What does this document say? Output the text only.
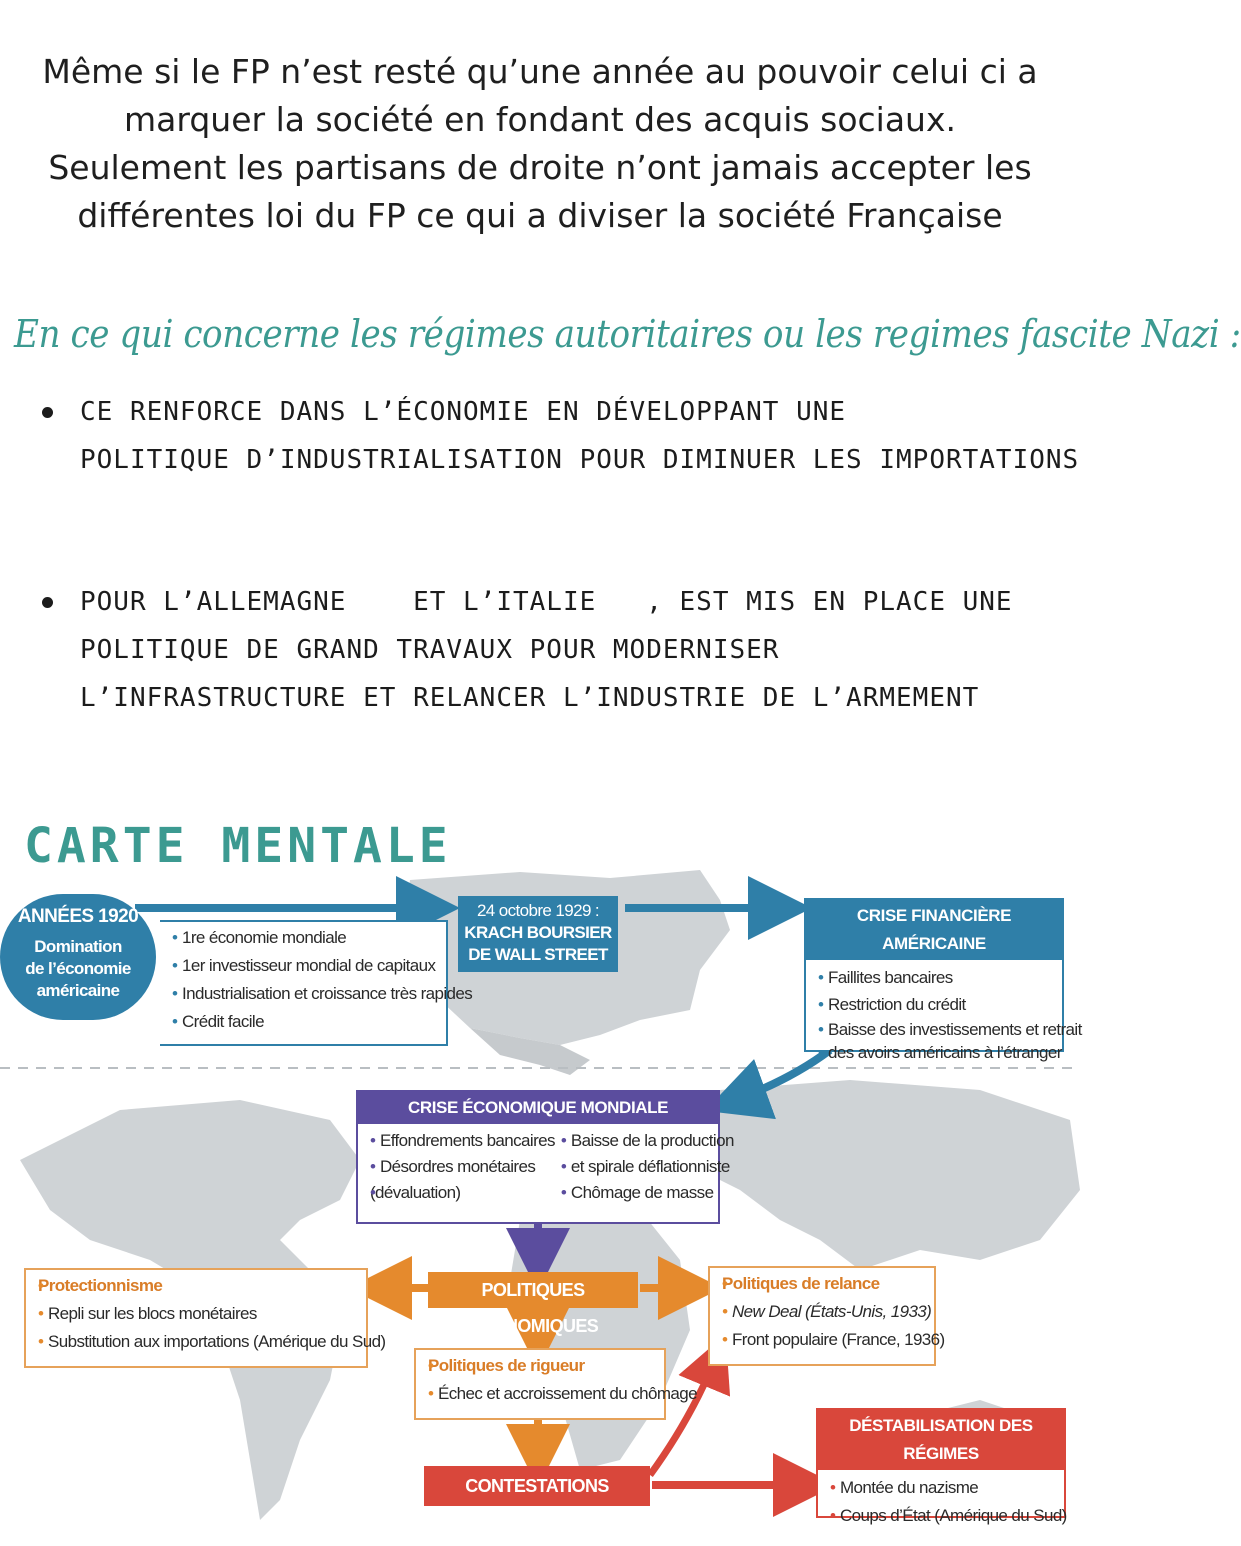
Même si le FP n’est resté qu’une année au pouvoir celui ci a
marquer la société en fondant des acquis sociaux.
Seulement les partisans de droite n’ont jamais accepter les
différentes loi du FP ce qui a diviser la société Française
En ce qui concerne les régimes autoritaires ou les regimes fascite Nazi :
CE RENFORCE DANS L’ÉCONOMIE EN DÉVELOPPANT UNE
POLITIQUE D’INDUSTRIALISATION POUR DIMINUER LES IMPORTATIONS
POUR L’ALLEMAGNE    ET L’ITALIE   , EST MIS EN PLACE UNE
POLITIQUE DE GRAND TRAVAUX POUR MODERNISER
L’INFRASTRUCTURE ET RELANCER L’INDUSTRIE DE L’ARMEMENT
CARTE MENTALE
ANNÉES 1920
Domination
de l’économie
américaine
• 1re économie mondiale
• 1er investisseur mondial de capitaux
• Industrialisation et croissance très rapides
• Crédit facile
24 octobre 1929 :
KRACH BOURSIER
DE WALL STREET
CRISE FINANCIÈRE AMÉRICAINE
• Faillites bancaires
• Restriction du crédit
• Baisse des investissements et retrait
• des avoirs américains à l’étranger
CRISE ÉCONOMIQUE MONDIALE
• Effondrements bancaires
• Désordres monétaires
• (dévaluation)
• Baisse de la production
• et spirale déflationniste
• Chômage de masse
• Protectionnisme
• Repli sur les blocs monétaires
• Substitution aux importations (Amérique du Sud)
POLITIQUES ÉCONOMIQUES
• Politiques de relance
• New Deal (États-Unis, 1933)
• Front populaire (France, 1936)
• Politiques de rigueur
• Échec et accroissement du chômage
CONTESTATIONS POLITIQUES
DÉSTABILISATION DES RÉGIMES
• Montée du nazisme
• Coups d’État (Amérique du Sud)
